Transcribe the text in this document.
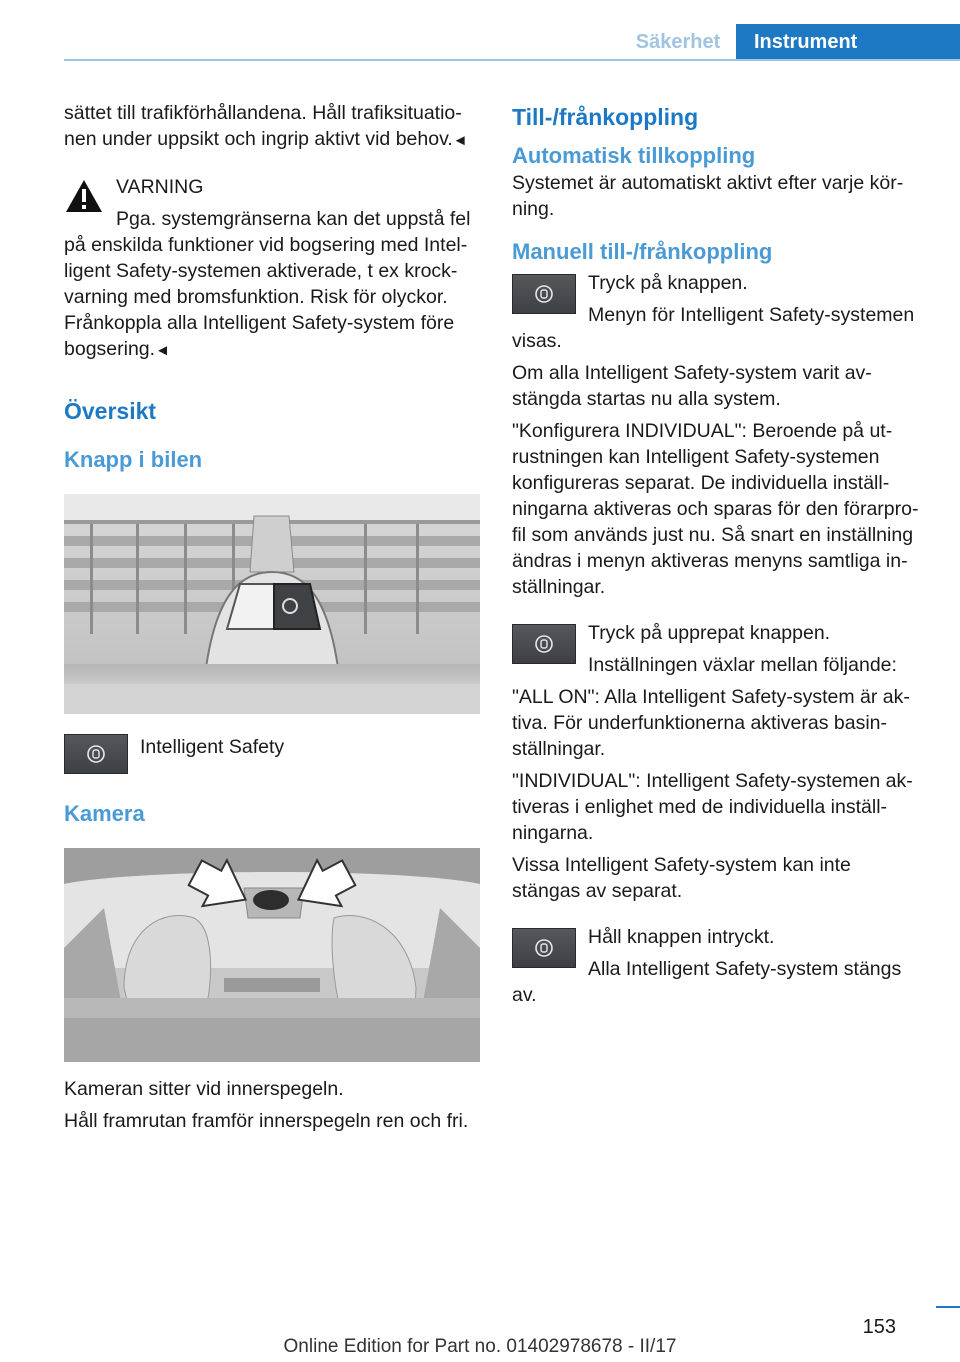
Säkerhet	Instrument

sättet till trafikförhållandena. Håll trafiksituatio-

nen under uppsikt och ingrip aktivt vid behov.◄

VARNING

Pga. systemgränserna kan det uppstå fel

på enskilda funktioner vid bogsering med Intel-

ligent Safety-systemen aktiverade, t ex krock-

varning med bromsfunktion. Risk för olyckor.

Frånkoppla alla Intelligent Safety-system före

bogsering.◄

Översikt

Knapp i bilen

Intelligent Safety

Kamera

Kameran sitter vid innerspegeln.

Håll framrutan framför innerspegeln ren och fri.

Till-/frånkoppling

Automatisk tillkoppling

Systemet är automatiskt aktivt efter varje kör-

ning.

Manuell till-/frånkoppling

Tryck på knappen.

Menyn för Intelligent Safety-systemen

visas.

Om alla Intelligent Safety-system varit av-

stängda startas nu alla system.

"Konfigurera INDIVIDUAL": Beroende på ut-

rustningen kan Intelligent Safety-systemen

konfigureras separat. De individuella inställ-

ningarna aktiveras och sparas för den förarpro-

fil som används just nu. Så snart en inställning

ändras i menyn aktiveras menyns samtliga in-

ställningar.

Tryck på upprepat knappen.

Inställningen växlar mellan följande:

"ALL ON": Alla Intelligent Safety-system är ak-

tiva. För underfunktionerna aktiveras basin-

ställningar.

"INDIVIDUAL": Intelligent Safety-systemen ak-

tiveras i enlighet med de individuella inställ-

ningarna.

Vissa Intelligent Safety-system kan inte

stängas av separat.

Håll knappen intryckt.

Alla Intelligent Safety-system stängs

av.

153
Online Edition for Part no. 01402978678 - II/17
